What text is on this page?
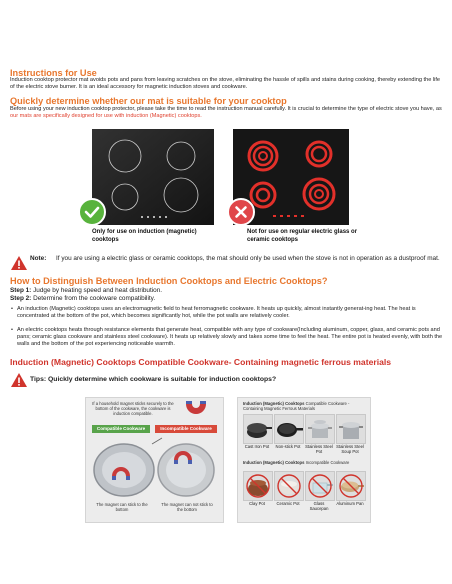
Instructions for Use
Induction cooktop protector mat avoids pots and pans from leaving scratches on the stove, eliminating the hassle of spills and stains during cooking, thereby extending the life of the electric stove burner. It is an ideal accessory for magnetic induction stoves and cookware.
Quickly determine whether our mat is suitable for your cooktop
Before using your new induction cooktop protector, please take the time to read the instruction manual carefully. It is crucial to determine the type of electric stove you have, as our mats are specifically designed for use with induction (Magnetic) cooktops.
Only for use on induction (magnetic) cooktops
Not for use on regular electric glass or ceramic cooktops
Note: If you are using a electric glass or ceramic cooktops, the mat should only be used when the stove is not in operation as a dustproof mat.
How to Distinguish Between Induction Cooktops and Electric Cooktops?
Step 1: Judge by heating speed and heat distribution.
Step 2: Determine from the cookware compatibility.
• An induction (Magnetic) cooktops uses an electromagnetic field to heat ferromagnetic cookware. It heats up quickly, almost instantly generat-ing heat. The heat is concentrated at the bottom of the pot, which becomes significantly hot, while the pot walls are relatively cooler.
• An electric cooktops heats through resistance elements that generate heat, compatible with any type of cookware(Including aluminum, copper, glass, and ceramic pots and pans; ceramic glass cookware and stainless steel cookware). It heats up relatively slowly and takes some time to feel the heat. The entire pot is heated evenly, with both the walls and the bottom of the pot experiencing noticeable warmth.
Induction (Magnetic) Cooktops Compatible Cookware- Containing magnetic ferrous materials
Tips: Quickly determine which cookware is suitable for induction cooktops?
If a household magnet sticks securely to the bottom of the cookware, the cookware is induction compatible.
Compatible Cookware	Incompatible Cookware
The magnet can stick to the bottom
The magnet can not stick to the bottom
Induction (Magnetic) Cooktops Compatible Cookware -Containing Magnetic Ferrous Materials
Cast Iron Pot	Non-stick Pot	Stainless Steel Pot
Stainless Steel Soup Pot
Induction (Magnetic) Cooktops Incompatible Cookware
Clay Pot	Ceramic Pot	Glass Saucepan
Aluminum Pan
